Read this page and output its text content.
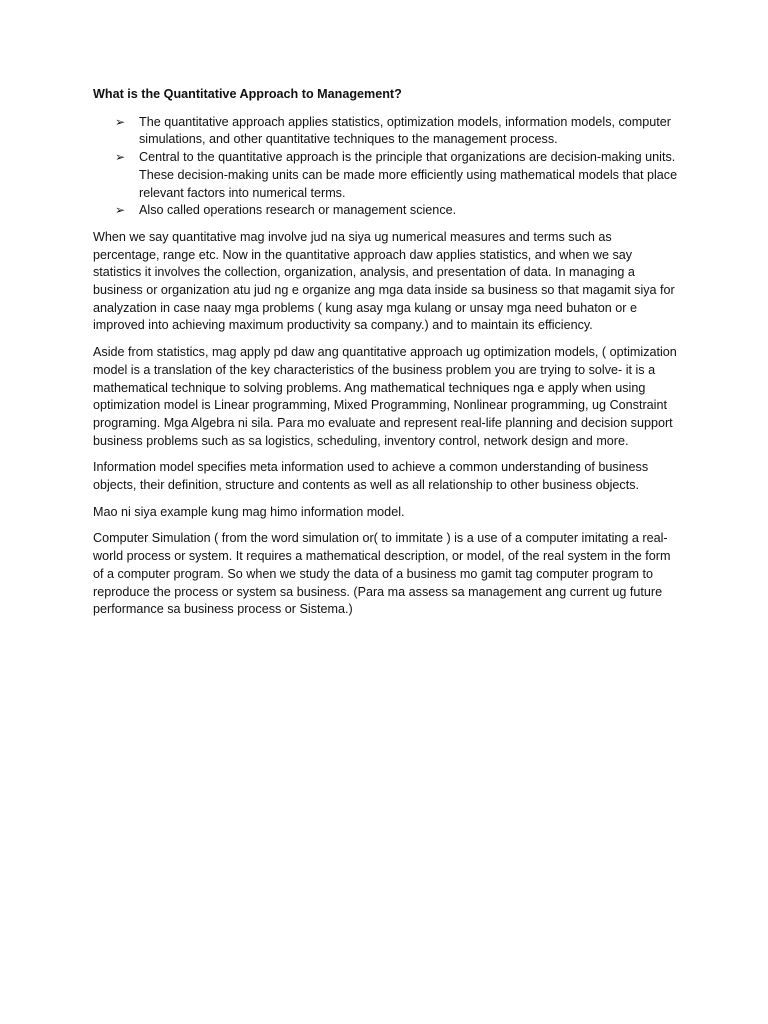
What is the Quantitative Approach to Management?

➢ The quantitative approach applies statistics, optimization models, information models, computer simulations, and other quantitative techniques to the management process.
➢ Central to the quantitative approach is the principle that organizations are decision-making units. These decision-making units can be made more efficiently using mathematical models that place relevant factors into numerical terms.
➢ Also called operations research or management science.

When we say quantitative mag involve jud na siya ug numerical measures and terms such as percentage, range etc. Now in the quantitative approach daw applies statistics, and when we say statistics it involves the collection, organization, analysis, and presentation of data. In managing a business or organization atu jud ng e organize ang mga data inside sa business so that magamit siya for analyzation in case naay mga problems ( kung asay mga kulang or unsay mga need buhaton or e improved into achieving maximum productivity sa company.) and to maintain its efficiency.

Aside from statistics, mag apply pd daw ang quantitative approach ug optimization models, ( optimization model is a translation of the key characteristics of the business problem you are trying to solve- it is a mathematical technique to solving problems. Ang mathematical techniques nga e apply when using optimization model is Linear programming, Mixed Programming, Nonlinear programming, ug Constraint programing. Mga Algebra ni sila. Para mo evaluate and represent real-life planning and decision support business problems such as sa logistics, scheduling, inventory control, network design and more.

Information model specifies meta information used to achieve a common understanding of business objects, their definition, structure and contents as well as all relationship to other business objects.

Mao ni siya example kung mag himo information model.

Computer Simulation ( from the word simulation or( to immitate ) is a use of a computer imitating a real-world process or system. It requires a mathematical description, or model, of the real system in the form of a computer program. So when we study the data of a business mo gamit tag computer program to reproduce the process or system sa business. (Para ma assess sa management ang current ug future performance sa business process or Sistema.)
